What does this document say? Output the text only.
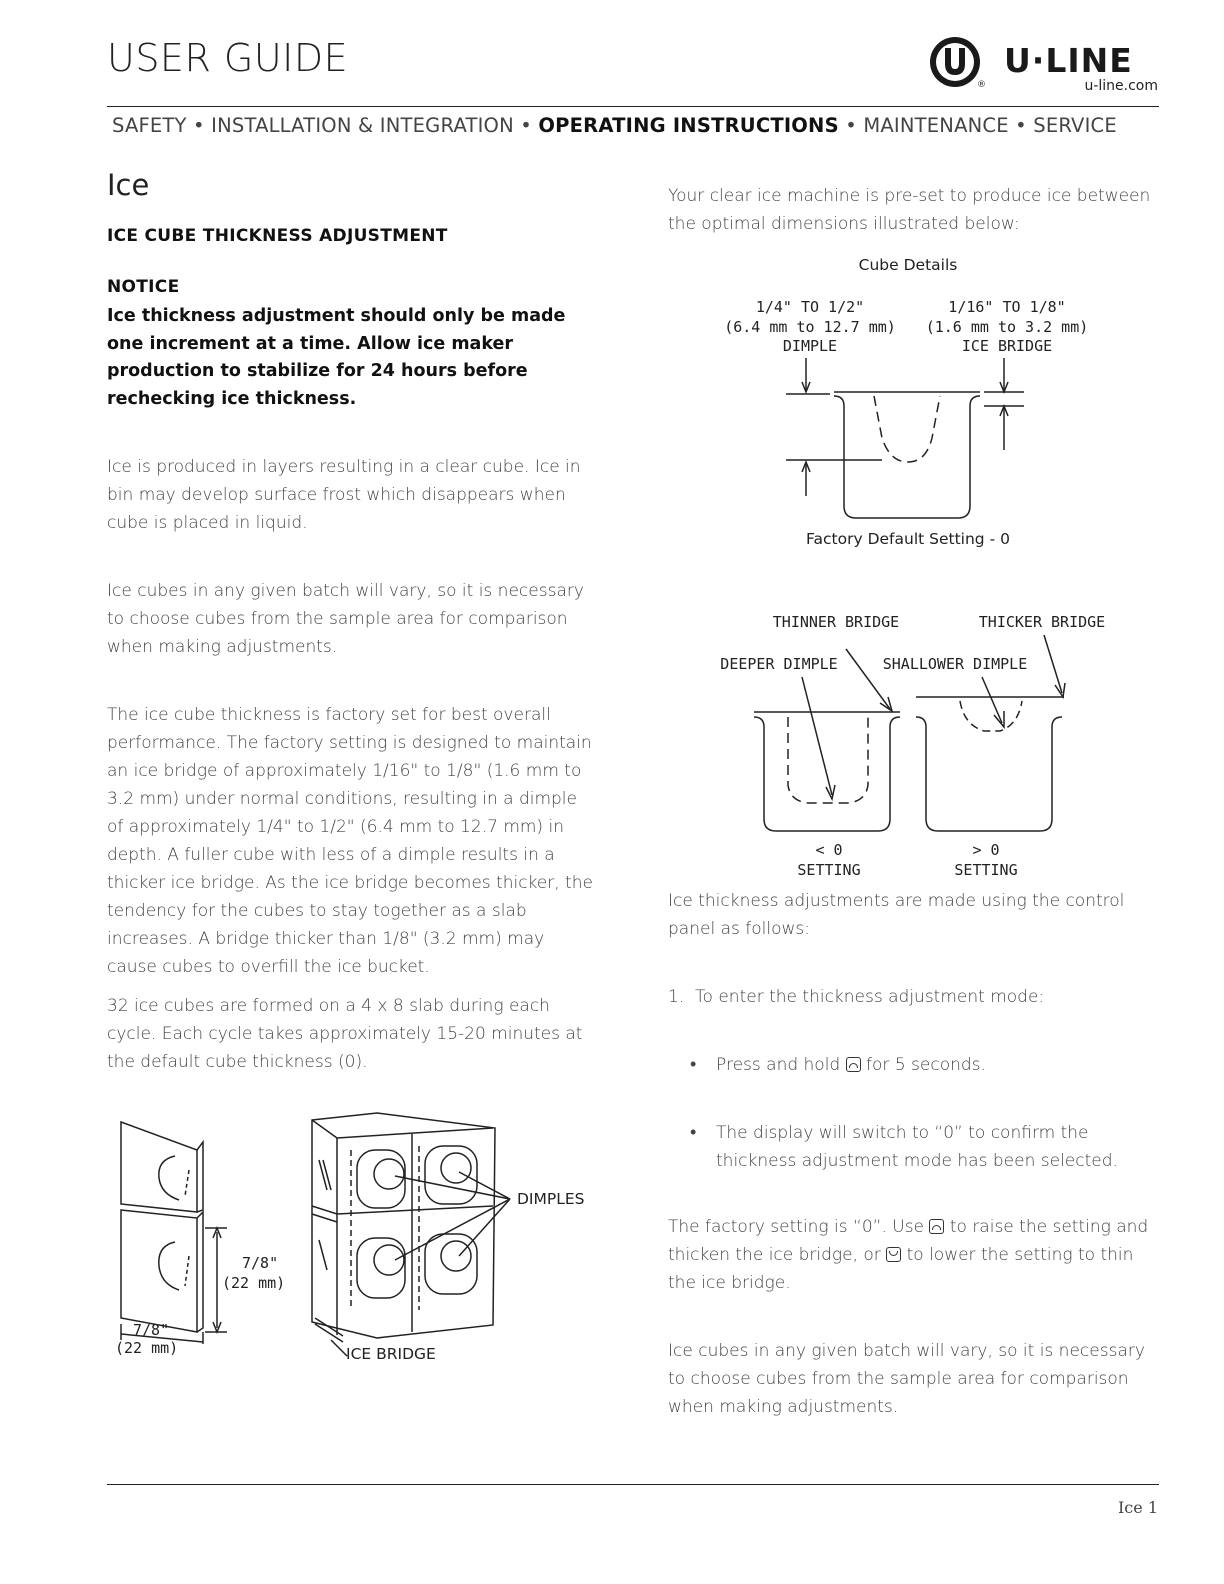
USER GUIDE
®
U·LINE
u-line.com
SAFETY • INSTALLATION & INTEGRATION • OPERATING INSTRUCTIONS • MAINTENANCE • SERVICE
Ice
ICE CUBE THICKNESS ADJUSTMENT
NOTICE
Ice thickness adjustment should only be made one increment at a time. Allow ice maker production to stabilize for 24 hours before rechecking ice thickness.

Ice is produced in layers resulting in a clear cube. Ice in bin may develop surface frost which disappears when cube is placed in liquid.

Ice cubes in any given batch will vary, so it is necessary to choose cubes from the sample area for comparison when making adjustments.

The ice cube thickness is factory set for best overall performance. The factory setting is designed to maintain an ice bridge of approximately 1/16" to 1/8" (1.6 mm to 3.2 mm) under normal conditions, resulting in a dimple of approximately 1/4" to 1/2" (6.4 mm to 12.7 mm) in depth. A fuller cube with less of a dimple results in a thicker ice bridge. As the ice bridge becomes thicker, the tendency for the cubes to stay together as a slab increases. A bridge thicker than 1/8" (3.2 mm) may cause cubes to overfill the ice bucket.

32 ice cubes are formed on a 4 x 8 slab during each cycle. Each cycle takes approximately 15-20 minutes at the default cube thickness (0).

7/8"
(22 mm)
7/8"
(22 mm)
DIMPLES
ICE BRIDGE

Your clear ice machine is pre-set to produce ice between the optimal dimensions illustrated below:

Cube Details
1/4" TO 1/2"
(6.4 mm to 12.7 mm)
DIMPLE
1/16" TO 1/8"
(1.6 mm to 3.2 mm)
ICE BRIDGE
Factory Default Setting - 0
THINNER BRIDGE	THICKER BRIDGE
DEEPER DIMPLE	SHALLOWER DIMPLE
< 0
SETTING
> 0
SETTING

Ice thickness adjustments are made using the control panel as follows:

1. To enter the thickness adjustment mode:

• Press and hold for 5 seconds.

• The display will switch to “0” to confirm the thickness adjustment mode has been selected.

The factory setting is “0”. Use to raise the setting and thicken the ice bridge, or to lower the setting to thin the ice bridge.

Ice cubes in any given batch will vary, so it is necessary to choose cubes from the sample area for comparison when making adjustments.

Ice 1
